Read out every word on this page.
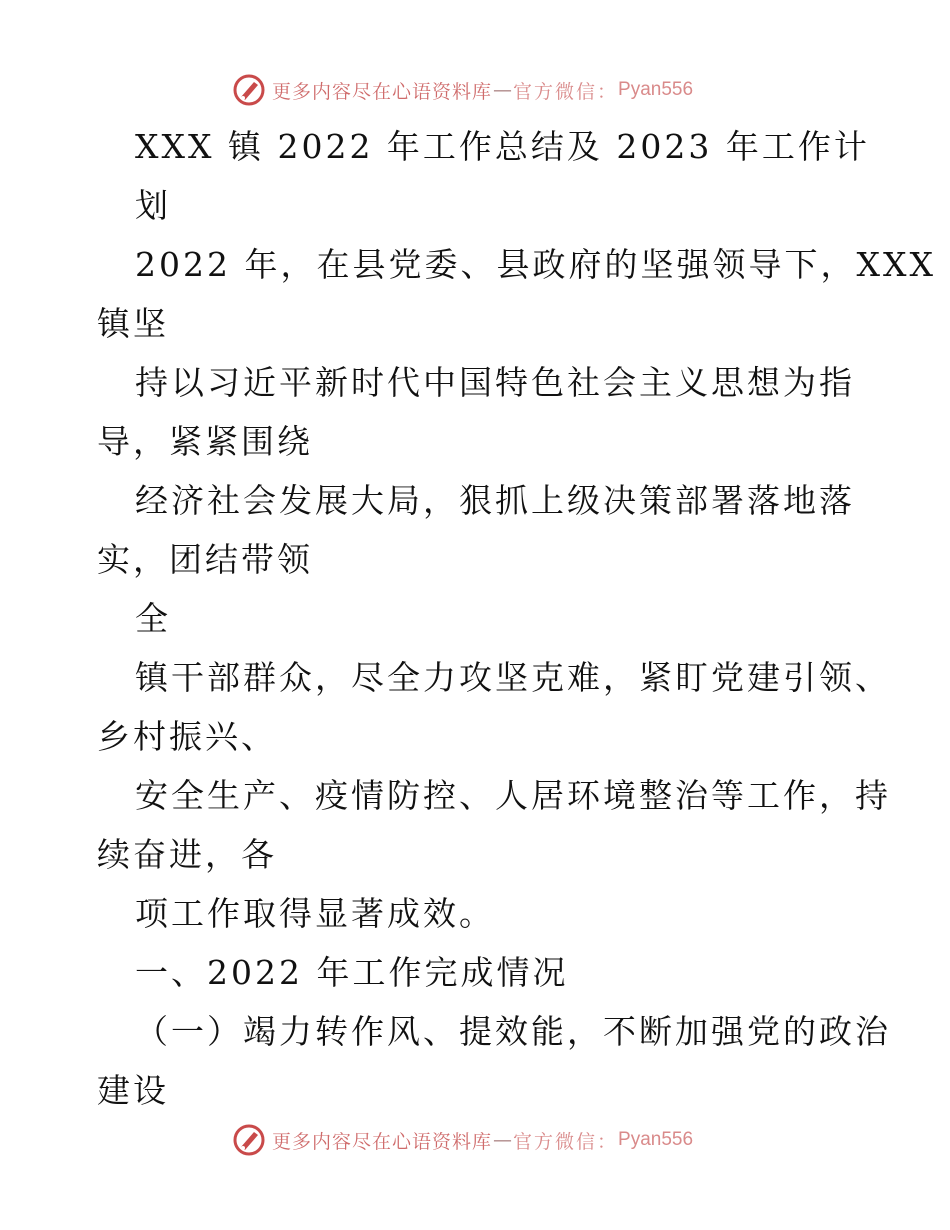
更多内容尽在心语资料库 — 官方微信： Pyan556
XXX 镇 2022 年工作总结及 2023 年工作计
划
2022 年，在县党委、县政府的坚强领导下，XXX
镇坚
持以习近平新时代中国特色社会主义思想为指
导，紧紧围绕
经济社会发展大局，狠抓上级决策部署落地落
实，团结带领
全
镇干部群众，尽全力攻坚克难，紧盯党建引领、
乡村振兴、
安全生产、疫情防控、人居环境整治等工作，持
续奋进，各
项工作取得显著成效。
一、2022 年工作完成情况
（一）竭力转作风、提效能，不断加强党的政治
建设
更多内容尽在心语资料库 — 官方微信： Pyan556
